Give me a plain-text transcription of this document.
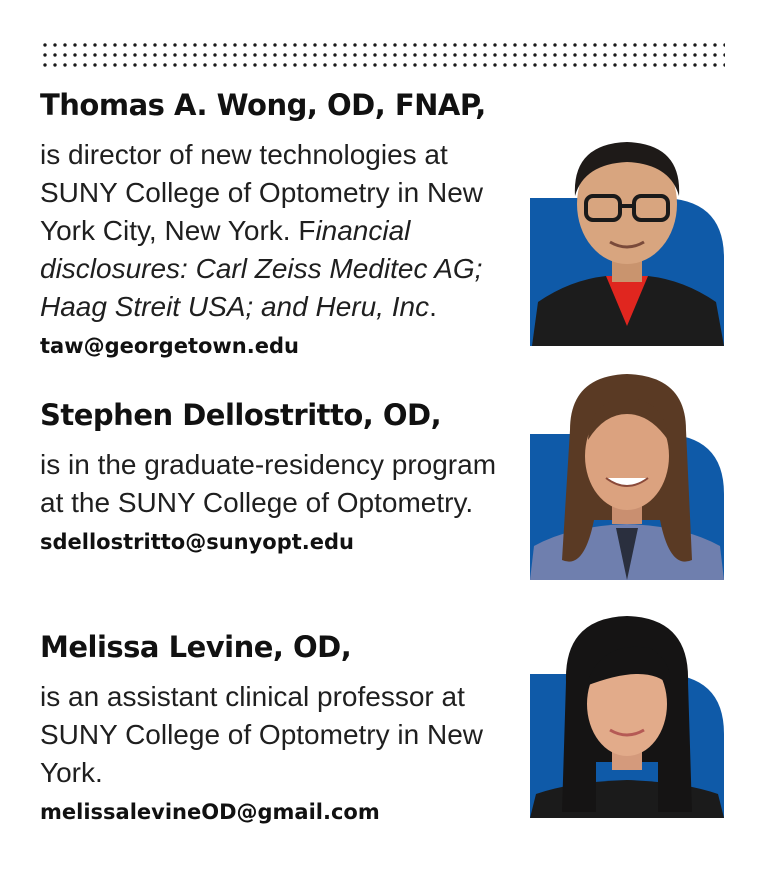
Thomas A. Wong, OD, FNAP,

is director of new technologies at SUNY College of Optometry in New York City, New York. Financial disclosures: Carl Zeiss Meditec AG; Haag Streit USA; and Heru, Inc.

taw@georgetown.edu
Stephen Dellostritto, OD,

is in the graduate-residency program at the SUNY College of Optometry.

sdellostritto@sunyopt.edu
Melissa Levine, OD,

is an assistant clinical professor at SUNY College of Optometry in New York.

melissalevineOD@gmail.com
